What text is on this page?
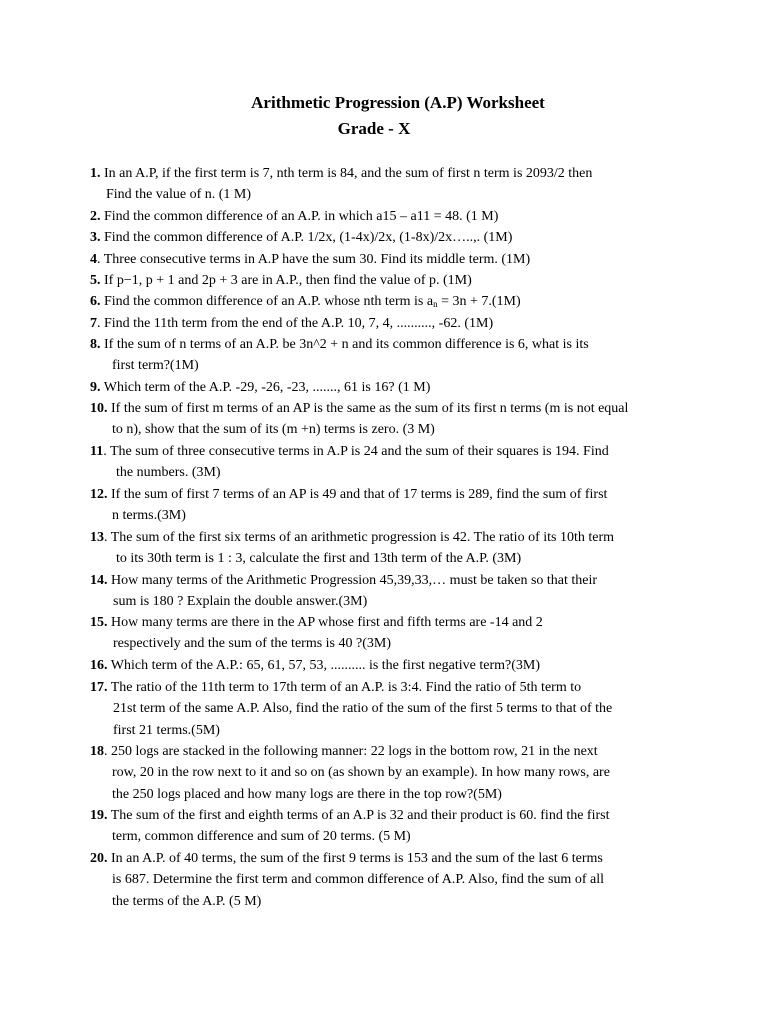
Arithmetic Progression (A.P) Worksheet

Grade - X

1. In an A.P, if the first term is 7, nth term is 84, and the sum of first n term is 2093/2 then
Find the value of n. (1 M)

2. Find the common difference of an A.P. in which a15 – a11 = 48. (1 M)

3. Find the common difference of A.P. 1/2x, (1-4x)/2x, (1-8x)/2x…..,. (1M)

4. Three consecutive terms in A.P have the sum 30. Find its middle term. (1M)

5. If p−1, p + 1 and 2p + 3 are in A.P., then find the value of p. (1M)

6. Find the common difference of an A.P. whose nth term is $a_n = 3n + 7.(1M)$

7. Find the 11th term from the end of the A.P. 10, 7, 4, .........., -62. (1M)

8. If the sum of n terms of an A.P. be 3n^2 + n and its common difference is 6, what is its
first term?(1M)

9. Which term of the A.P. -29, -26, -23, ......., 61 is 16? (1 M)

10. If the sum of first m terms of an AP is the same as the sum of its first n terms (m is not equal
to n), show that the sum of its (m +n) terms is zero. (3 M)

11. The sum of three consecutive terms in A.P is 24 and the sum of their squares is 194. Find
the numbers. (3M)

12. If the sum of first 7 terms of an AP is 49 and that of 17 terms is 289, find the sum of first
n terms.(3M)

13. The sum of the first six terms of an arithmetic progression is 42. The ratio of its 10th term
to its 30th term is 1 : 3, calculate the first and 13th term of the A.P. (3M)

14. How many terms of the Arithmetic Progression 45,39,33,… must be taken so that their
sum is 180 ? Explain the double answer.(3M)

15. How many terms are there in the AP whose first and fifth terms are -14 and 2
respectively and the sum of the terms is 40 ?(3M)

16. Which term of the A.P.: 65, 61, 57, 53, .......... is the first negative term?(3M)

17. The ratio of the 11th term to 17th term of an A.P. is 3:4. Find the ratio of 5th term to
21st term of the same A.P. Also, find the ratio of the sum of the first 5 terms to that of the
first 21 terms.(5M)

18. 250 logs are stacked in the following manner: 22 logs in the bottom row, 21 in the next
row, 20 in the row next to it and so on (as shown by an example). In how many rows, are
the 250 logs placed and how many logs are there in the top row?(5M)

19. The sum of the first and eighth terms of an A.P is 32 and their product is 60. find the first
term, common difference and sum of 20 terms. (5 M)

20. In an A.P. of 40 terms, the sum of the first 9 terms is 153 and the sum of the last 6 terms
is 687. Determine the first term and common difference of A.P. Also, find the sum of all
the terms of the A.P. (5 M)
